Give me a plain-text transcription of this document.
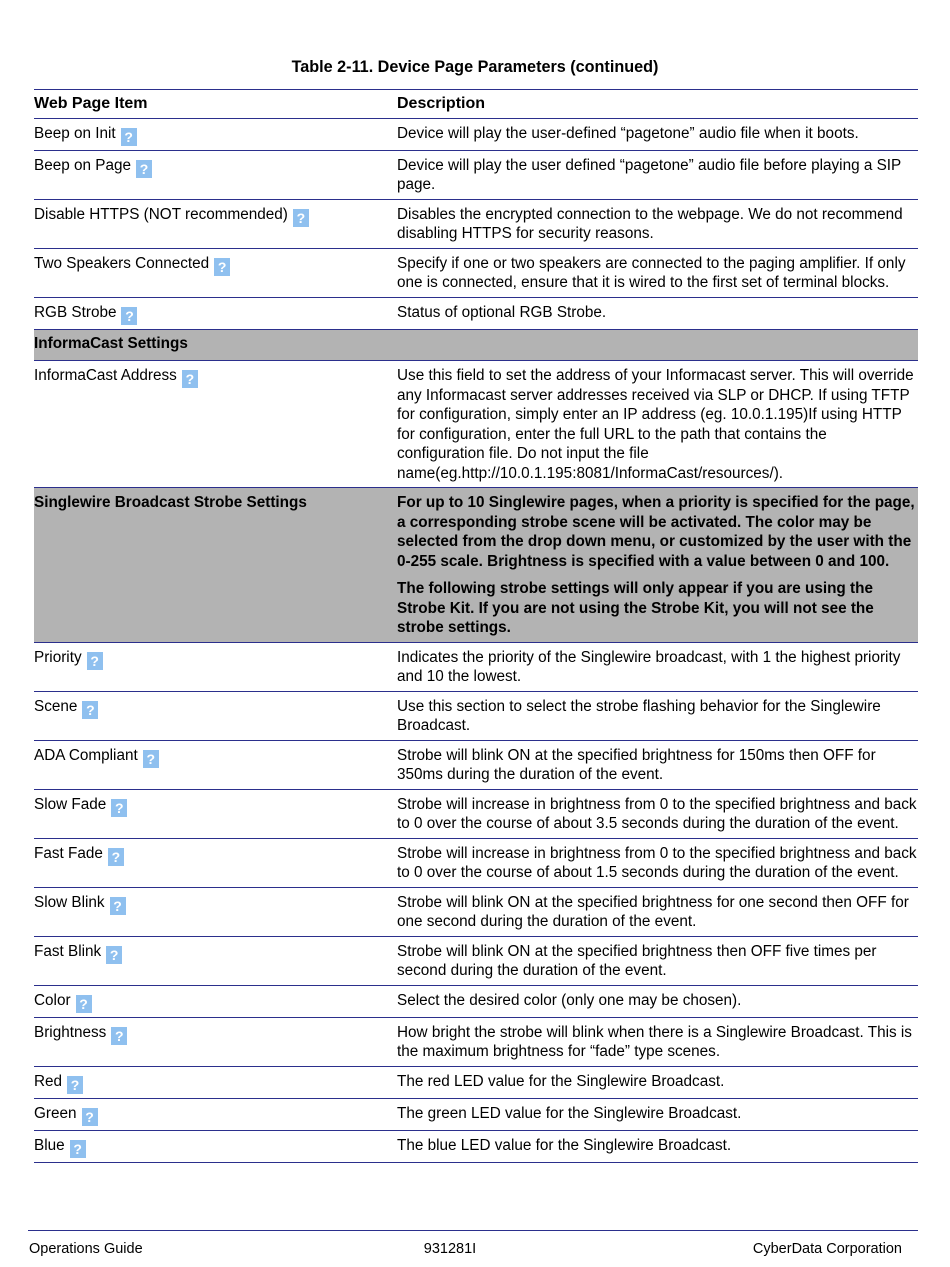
Table 2-11. Device Page Parameters (continued)
Web Page Item	Description
Beep on Init ?	Device will play the user-defined “pagetone” audio file when it boots.

Beep on Page ?	Device will play the user defined “pagetone” audio file before playing a SIP page.

Disable HTTPS (NOT recommended) ?	Disables the encrypted connection to the webpage. We do not recommend disabling HTTPS for security reasons.

Two Speakers Connected ?	Specify if one or two speakers are connected to the paging amplifier. If only one is connected, ensure that it is wired to the first set of terminal blocks.

RGB Strobe ?	Status of optional RGB Strobe.

InformaCast Settings	
InformaCast Address ?	Use this field to set the address of your Informacast server. This will override any Informacast server addresses received via SLP or DHCP. If using TFTP for configuration, simply enter an IP address (eg. 10.0.1.195)If using HTTP for configuration, enter the full URL to the path that contains the configuration file. Do not input the file name(eg.http://10.0.1.195:8081/InformaCast/resources/).

Singlewire Broadcast Strobe Settings	For up to 10 Singlewire pages, when a priority is specified for the page, a corresponding strobe scene will be activated. The color may be selected from the drop down menu, or customized by the user with the 0-255 scale. Brightness is specified with a value between 0 and 100.

The following strobe settings will only appear if you are using the Strobe Kit. If you are not using the Strobe Kit, you will not see the strobe settings.

Priority ?	Indicates the priority of the Singlewire broadcast, with 1 the highest priority and 10 the lowest.

Scene ?	Use this section to select the strobe flashing behavior for the Singlewire Broadcast.

ADA Compliant ?	Strobe will blink ON at the specified brightness for 150ms then OFF for 350ms during the duration of the event.

Slow Fade ?	Strobe will increase in brightness from 0 to the specified brightness and back to 0 over the course of about 3.5 seconds during the duration of the event.

Fast Fade ?	Strobe will increase in brightness from 0 to the specified brightness and back to 0 over the course of about 1.5 seconds during the duration of the event.

Slow Blink ?	Strobe will blink ON at the specified brightness for one second then OFF for one second during the duration of the event.

Fast Blink ?	Strobe will blink ON at the specified brightness then OFF five times per second during the duration of the event.

Color ?	Select the desired color (only one may be chosen).

Brightness ?	How bright the strobe will blink when there is a Singlewire Broadcast. This is the maximum brightness for “fade” type scenes.

Red ?	The red LED value for the Singlewire Broadcast.

Green ?	The green LED value for the Singlewire Broadcast.

Blue ?	The blue LED value for the Singlewire Broadcast.

Operations Guide	931281I	CyberData Corporation
